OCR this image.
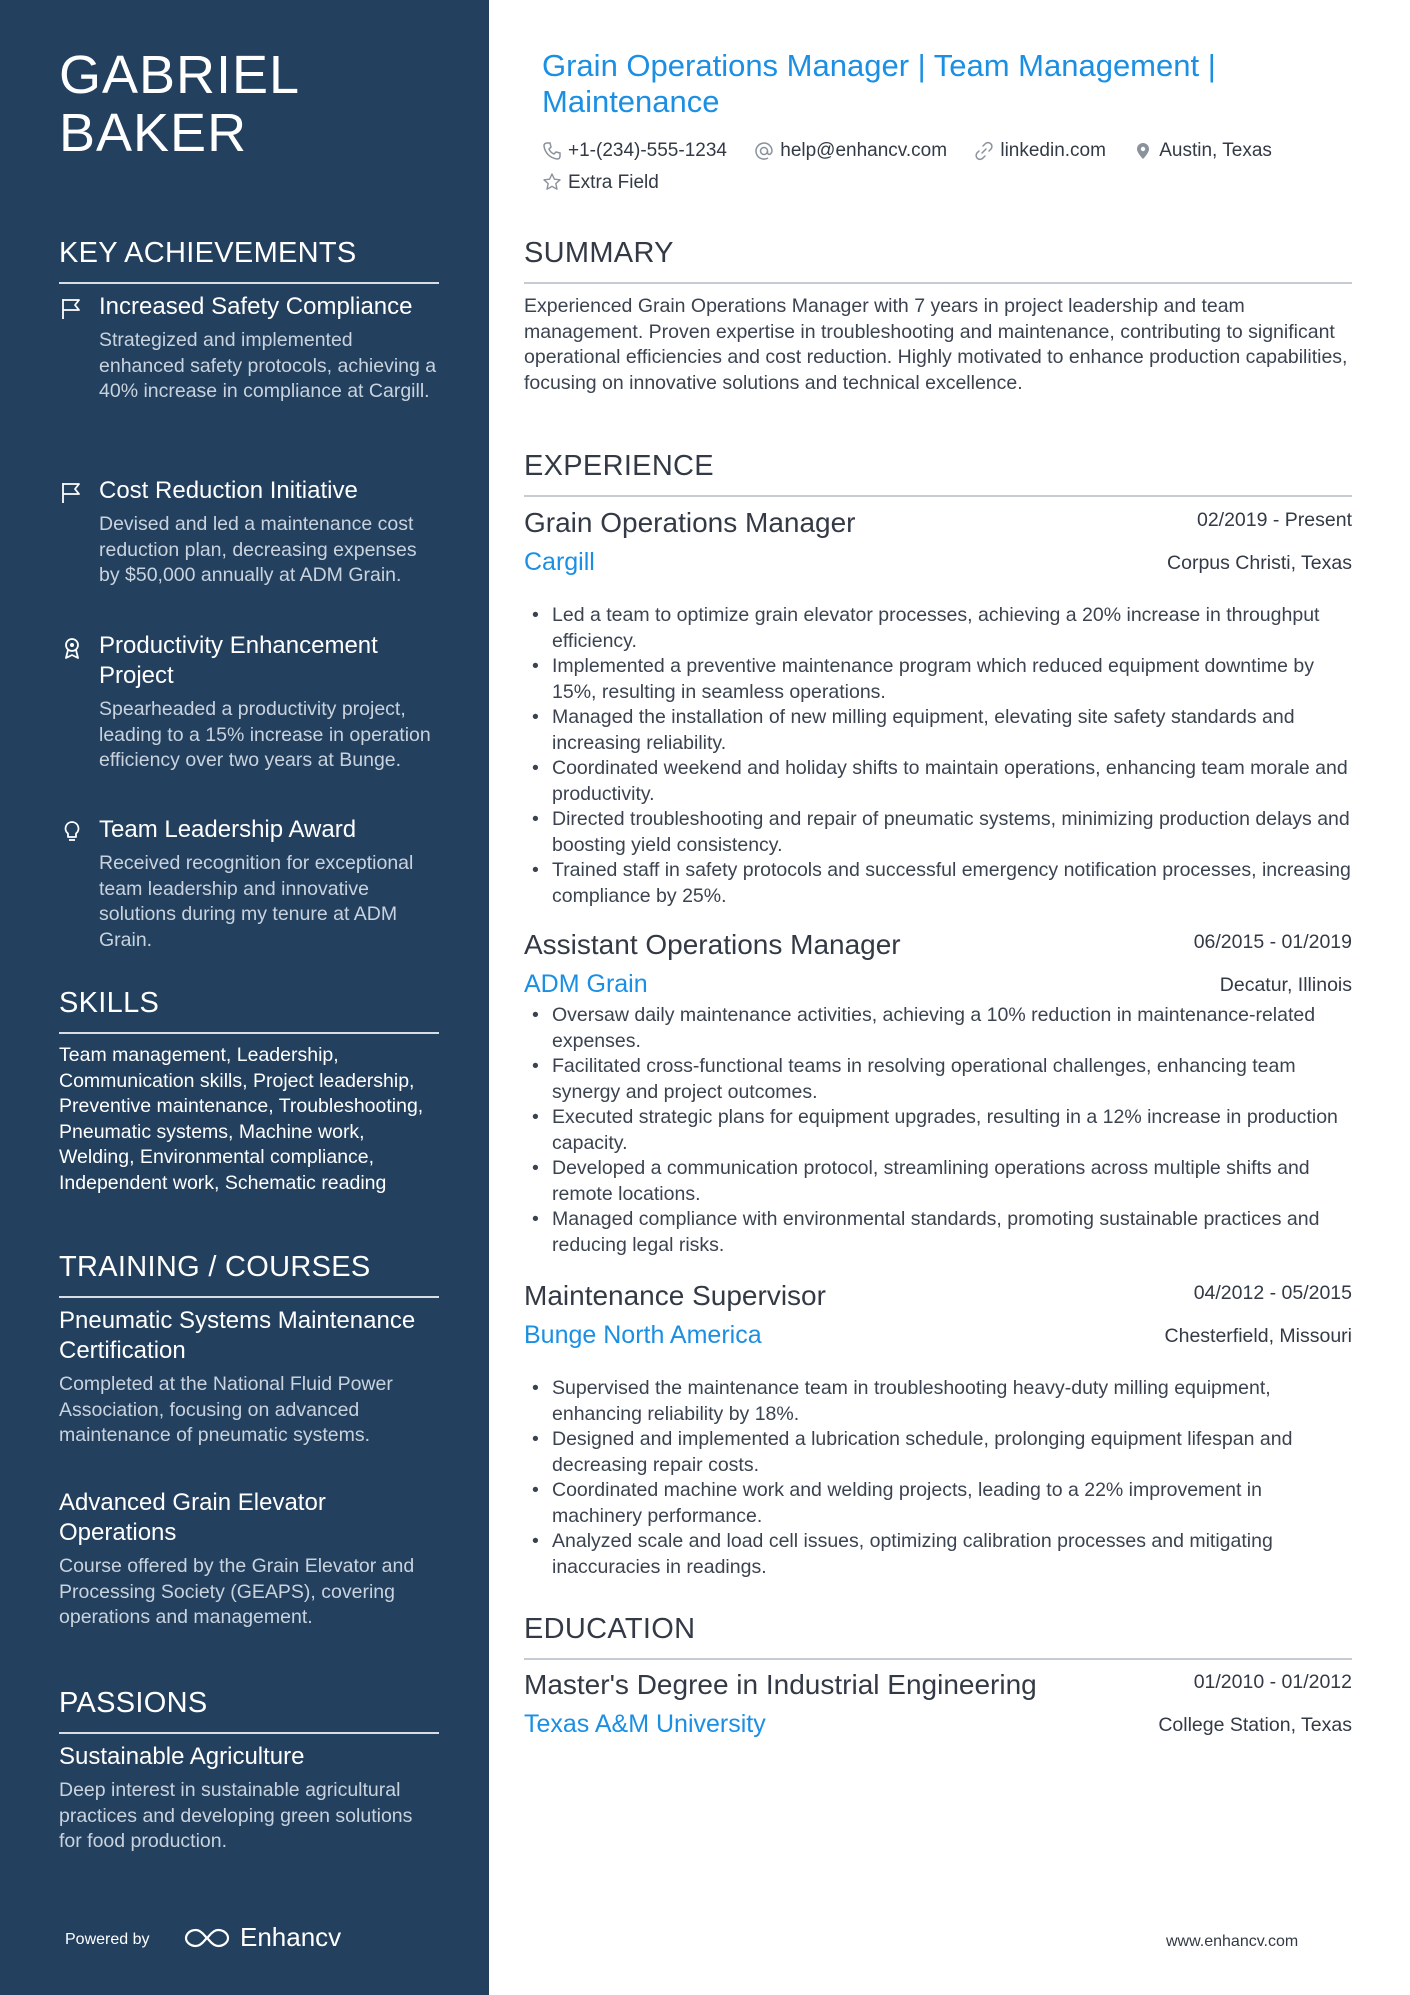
GABRIEL BAKER
KEY ACHIEVEMENTS
Increased Safety Compliance
Strategized and implemented enhanced safety protocols, achieving a 40% increase in compliance at Cargill.
Cost Reduction Initiative
Devised and led a maintenance cost reduction plan, decreasing expenses by $50,000 annually at ADM Grain.
Productivity Enhancement Project
Spearheaded a productivity project, leading to a 15% increase in operation efficiency over two years at Bunge.
Team Leadership Award
Received recognition for exceptional team leadership and innovative solutions during my tenure at ADM Grain.
SKILLS
Team management, Leadership, Communication skills, Project leadership, Preventive maintenance, Troubleshooting, Pneumatic systems, Machine work, Welding, Environmental compliance, Independent work, Schematic reading
TRAINING / COURSES
Pneumatic Systems Maintenance Certification
Completed at the National Fluid Power Association, focusing on advanced maintenance of pneumatic systems.
Advanced Grain Elevator Operations
Course offered by the Grain Elevator and Processing Society (GEAPS), covering operations and management.
PASSIONS
Sustainable Agriculture
Deep interest in sustainable agricultural practices and developing green solutions for food production.
Powered by	Enhancv
Grain Operations Manager | Team Management | Maintenance
+1-(234)-555-1234
	help@enhancv.com
	linkedin.com
	Austin, Texas

Extra Field
SUMMARY
Experienced Grain Operations Manager with 7 years in project leadership and team management. Proven expertise in troubleshooting and maintenance, contributing to significant operational efficiencies and cost reduction. Highly motivated to enhance production capabilities, focusing on innovative solutions and technical excellence.
EXPERIENCE
Grain Operations Manager	02/2019 - Present
Cargill	Corpus Christi, Texas
• Led a team to optimize grain elevator processes, achieving a 20% increase in throughput efficiency.
• Implemented a preventive maintenance program which reduced equipment downtime by 15%, resulting in seamless operations.
• Managed the installation of new milling equipment, elevating site safety standards and increasing reliability.
• Coordinated weekend and holiday shifts to maintain operations, enhancing team morale and productivity.
• Directed troubleshooting and repair of pneumatic systems, minimizing production delays and boosting yield consistency.
• Trained staff in safety protocols and successful emergency notification processes, increasing compliance by 25%.
Assistant Operations Manager	06/2015 - 01/2019
ADM Grain	Decatur, Illinois
• Oversaw daily maintenance activities, achieving a 10% reduction in maintenance-related expenses.
• Facilitated cross-functional teams in resolving operational challenges, enhancing team synergy and project outcomes.
• Executed strategic plans for equipment upgrades, resulting in a 12% increase in production capacity.
• Developed a communication protocol, streamlining operations across multiple shifts and remote locations.
• Managed compliance with environmental standards, promoting sustainable practices and reducing legal risks.
Maintenance Supervisor	04/2012 - 05/2015
Bunge North America	Chesterfield, Missouri
• Supervised the maintenance team in troubleshooting heavy-duty milling equipment, enhancing reliability by 18%.
• Designed and implemented a lubrication schedule, prolonging equipment lifespan and decreasing repair costs.
• Coordinated machine work and welding projects, leading to a 22% improvement in machinery performance.
• Analyzed scale and load cell issues, optimizing calibration processes and mitigating inaccuracies in readings.
EDUCATION
Master's Degree in Industrial Engineering	01/2010 - 01/2012
Texas A&M University	College Station, Texas
www.enhancv.com
